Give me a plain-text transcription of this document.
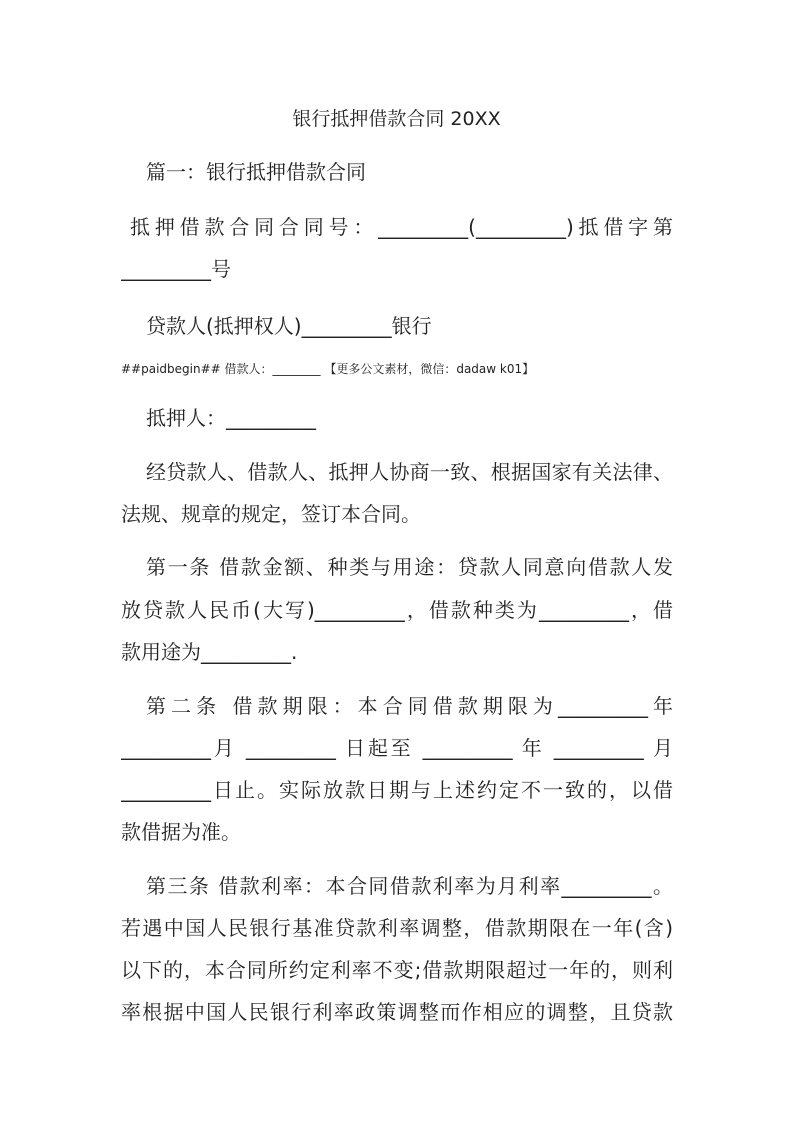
银行抵押借款合同 20XX
篇一：银行抵押借款合同
抵押借款合同合同号：_________(_________)抵借字第
_________号
贷款人(抵押权人)_________银行
##paidbegin## 借款人：________ 【更多公文素材，微信：dadaw k01】
抵押人：_________
经贷款人、借款人、抵押人协商一致、根据国家有关法律、
法规、规章的规定，签订本合同。
第一条 借款金额、种类与用途：贷款人同意向借款人发
放贷款人民币(大写)_________，借款种类为_________，借
款用途为_________.
第二条 借款期限：本合同借款期限为_________年
_________月 _________ 日起至 _________ 年 _________ 月
_________日止。实际放款日期与上述约定不一致的，以借
款借据为准。
第三条 借款利率：本合同借款利率为月利率_________。
若遇中国人民银行基准贷款利率调整，借款期限在一年(含)
以下的，本合同所约定利率不变;借款期限超过一年的，则利
率根据中国人民银行利率政策调整而作相应的调整，且贷款
